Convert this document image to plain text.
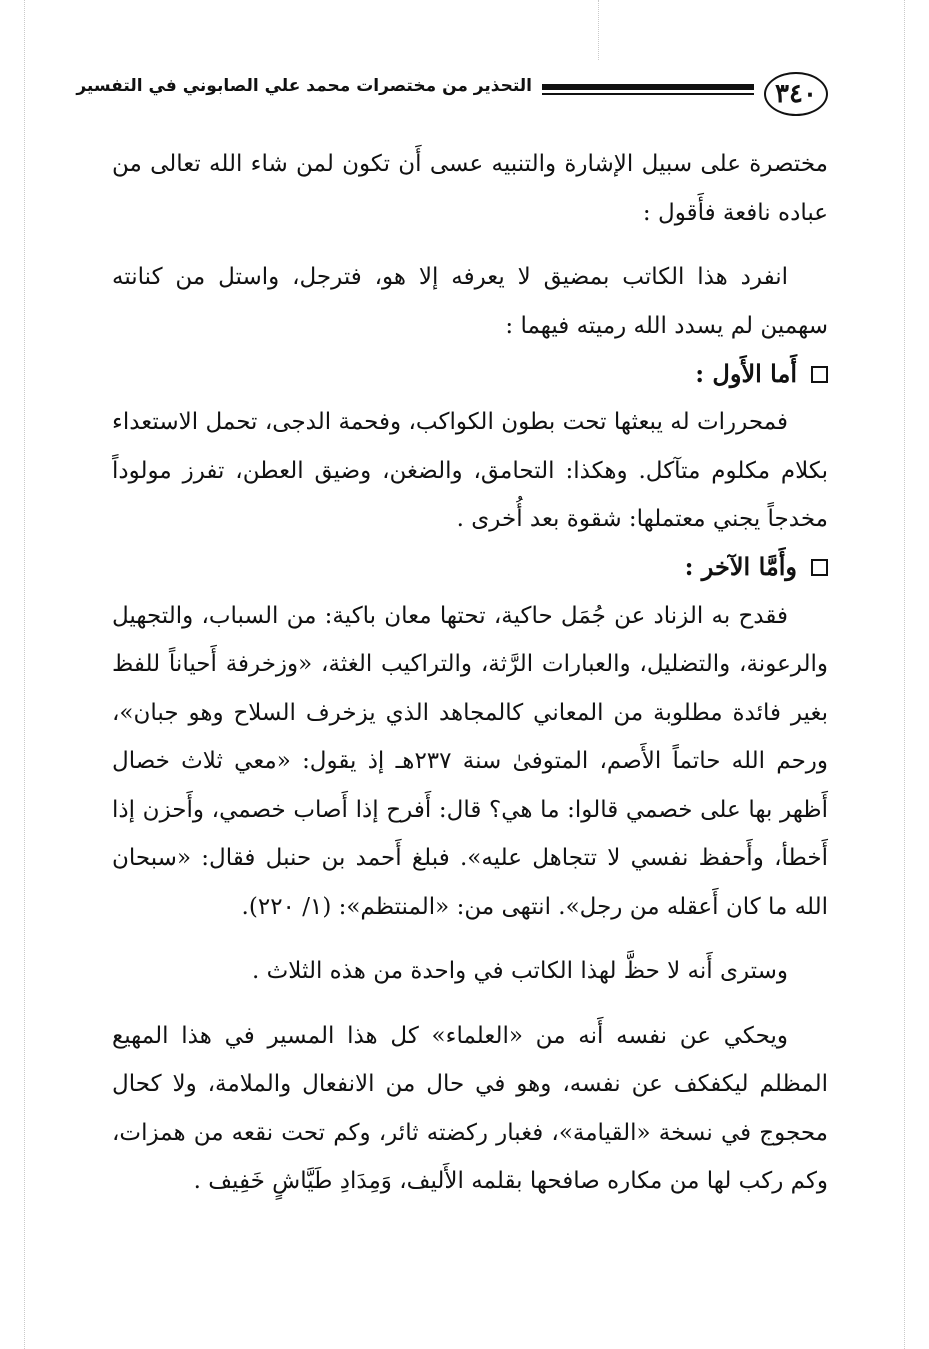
٣٤٠
التحذير من مختصرات محمد علي الصابوني في التفسير

مختصرة على سبيل الإشارة والتنبيه عسى أَن تكون لمن شاء الله تعالى من عباده نافعة فأَقول :

انفرد هذا الكاتب بمضيق لا يعرفه إلا هو، فترجل، واستل من كنانته سهمين لم يسدد الله رميته فيهما :

أَما الأَول :

فمحررات له يبعثها تحت بطون الكواكب، وفحمة الدجى، تحمل الاستعداء بكلام مكلوم متآكل. وهكذا: التحامق، والضغن، وضيق العطن، تفرز مولوداً مخدجاً يجني معتملها: شقوة بعد أُخرى .

وأَمَّا الآخر :

فقدح به الزناد عن جُمَل حاكية، تحتها معان باكية: من السباب، والتجهيل والرعونة، والتضليل، والعبارات الرَّثة، والتراكيب الغثة، «وزخرفة أَحياناً للفظ بغير فائدة مطلوبة من المعاني كالمجاهد الذي يزخرف السلاح وهو جبان»، ورحم الله حاتماً الأَصم، المتوفىٰ سنة ٢٣٧هـ إذ يقول: «معي ثلاث خصال أَظهر بها على خصمي قالوا: ما هي؟ قال: أَفرح إذا أَصاب خصمي، وأَحزن إذا أَخطأ، وأَحفظ نفسي لا تتجاهل عليه». فبلغ أَحمد بن حنبل فقال: «سبحان الله ما كان أَعقله من رجل». انتهى من: «المنتظم»: (١/ ٢٢٠).

وسترى أَنه لا حظَّ لهذا الكاتب في واحدة من هذه الثلاث .

ويحكي عن نفسه أَنه من «العلماء» كل هذا المسير في هذا المهيع المظلم ليكفكف عن نفسه، وهو في حال من الانفعال والملامة، ولا كحال محجوج في نسخة «القيامة»، فغبار ركضته ثائر، وكم تحت نقعه من همزات، وكم ركب لها من مكاره صافحها بقلمه الأَليف، وَمِدَادِ طَيَّاشٍ خَفِيف .
